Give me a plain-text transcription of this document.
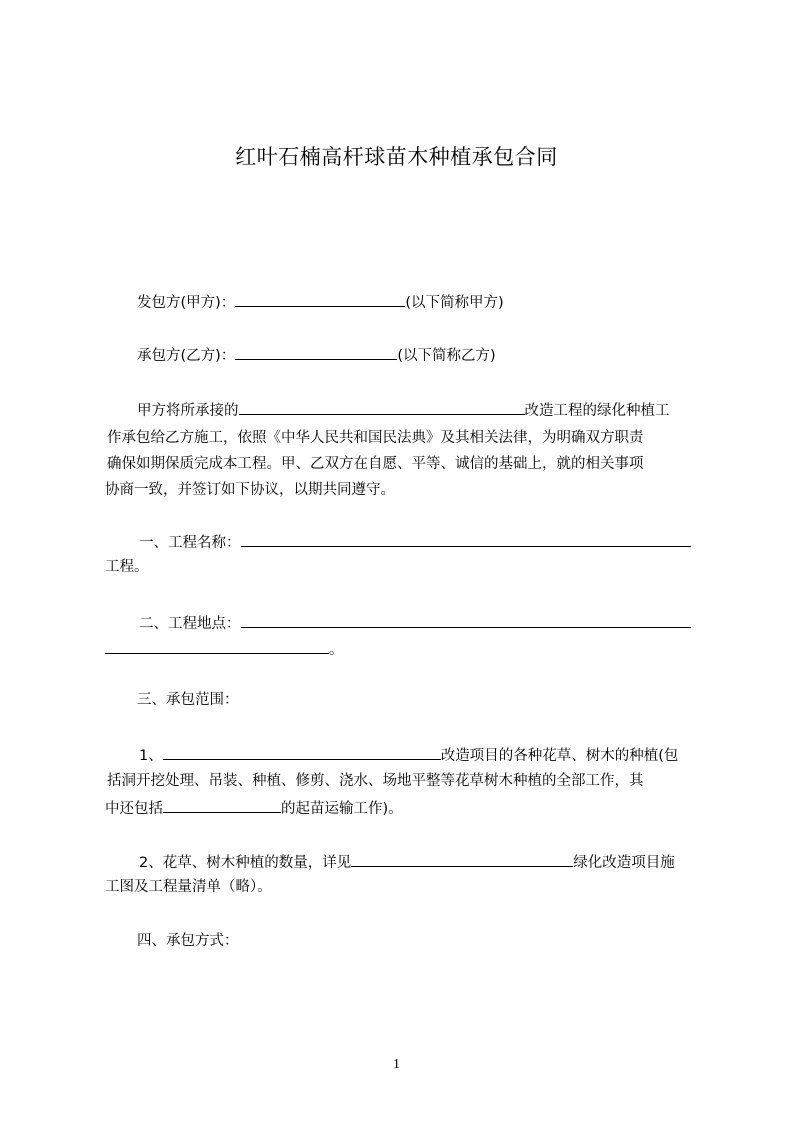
红叶石楠高杆球苗木种植承包合同
发包方(甲方)：	(以下简称甲方)
承包方(乙方)：	(以下简称乙方)
甲方将所承接的	改造工程的绿化种植工
作承包给乙方施工，依照《中华人民共和国民法典》及其相关法律，为明确双方职责
确保如期保质完成本工程。甲、乙双方在自愿、平等、诚信的基础上，就的相关事项
协商一致，并签订如下协议，以期共同遵守。
一、工程名称：
工程。
二、工程地点：
。
三、承包范围：
1、	改造项目的各种花草、树木的种植(包
括洞开挖处理、吊装、种植、修剪、浇水、场地平整等花草树木种植的全部工作，其
中还包括	的起苗运输工作)。
2、花草、树木种植的数量，详见	绿化改造项目施
工图及工程量清单（略）。
四、承包方式：
1
